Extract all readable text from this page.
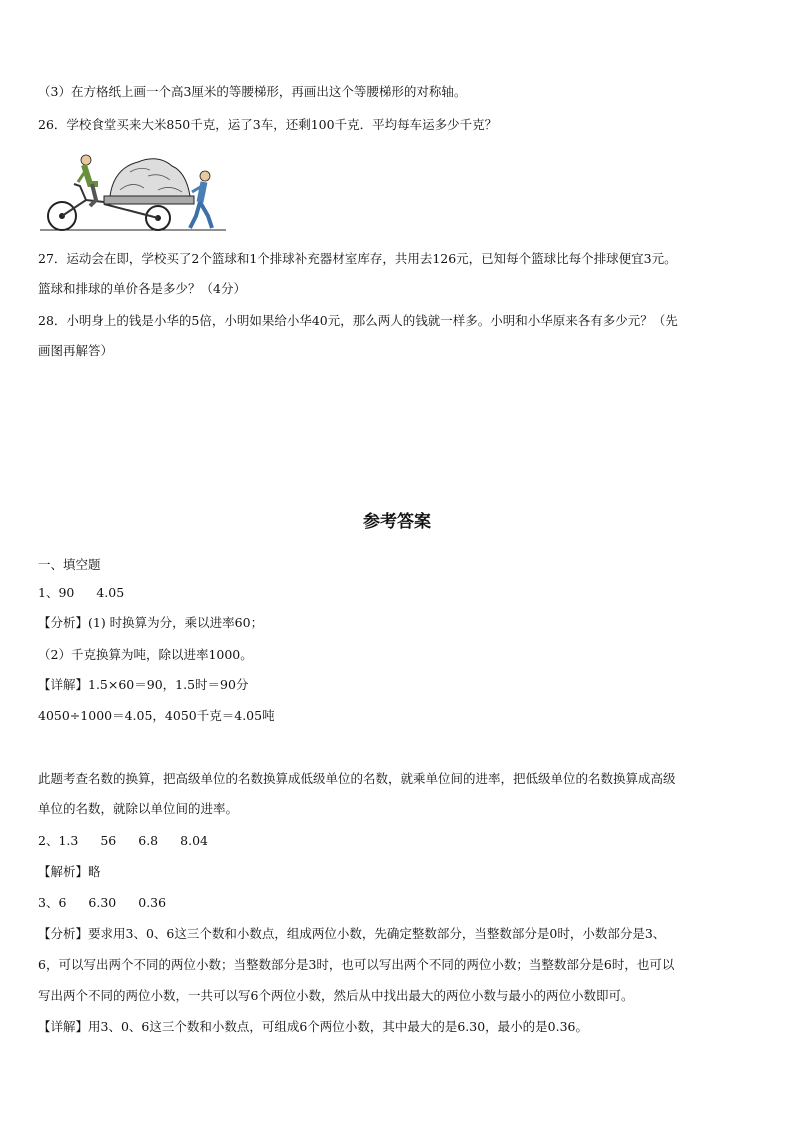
（3）在方格纸上画一个高3厘米的等腰梯形，再画出这个等腰梯形的对称轴。
26．学校食堂买来大米850千克，运了3车，还剩100千克．平均每车运多少千克？
27．运动会在即，学校买了2个篮球和1个排球补充器材室库存，共用去126元，已知每个篮球比每个排球便宜3元。
篮球和排球的单价各是多少？（4分）
28．小明身上的钱是小华的5倍，小明如果给小华40元，那么两人的钱就一样多。小明和小华原来各有多少元？（先
画图再解答）
参考答案
一、填空题
1、90 4.05
【分析】(1) 时换算为分，乘以进率60；
（2）千克换算为吨，除以进率1000。
【详解】1.5×60＝90，1.5时＝90分
4050÷1000＝4.05，4050千克＝4.05吨
此题考查名数的换算，把高级单位的名数换算成低级单位的名数，就乘单位间的进率，把低级单位的名数换算成高级
单位的名数，就除以单位间的进率。
2、1.3 56 6.8 8.04
【解析】略
3、6 6.30 0.36
【分析】要求用3、0、6这三个数和小数点，组成两位小数，先确定整数部分，当整数部分是0时，小数部分是3、
6，可以写出两个不同的两位小数；当整数部分是3时，也可以写出两个不同的两位小数；当整数部分是6时，也可以
写出两个不同的两位小数，一共可以写6个两位小数，然后从中找出最大的两位小数与最小的两位小数即可。
【详解】用3、0、6这三个数和小数点，可组成6个两位小数，其中最大的是6.30，最小的是0.36。
